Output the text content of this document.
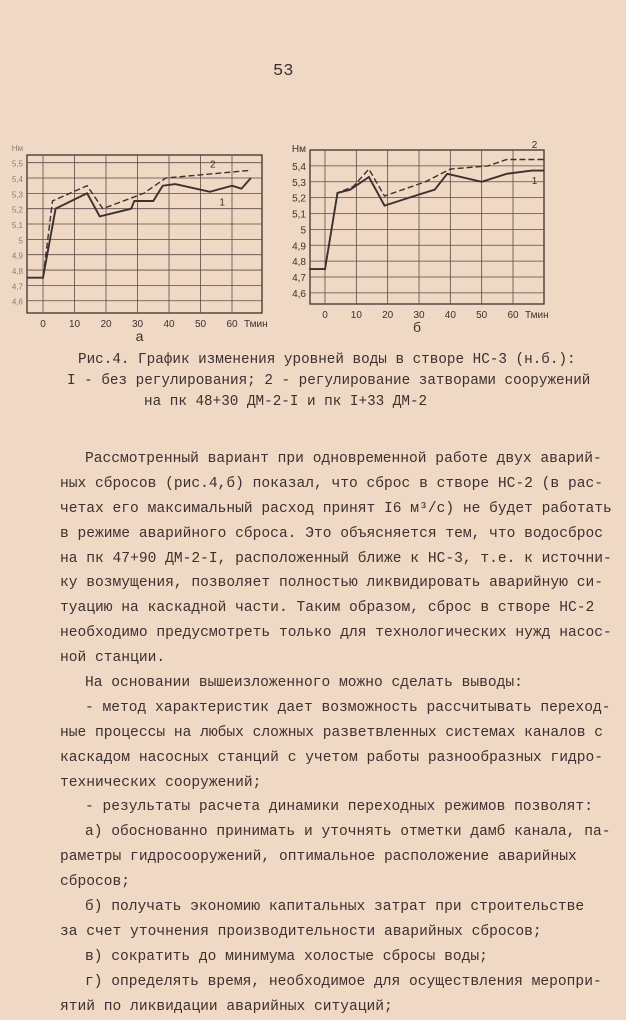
53
0 10 20 30 40 50 60 Тмин
5,5
5,4
5,3
5,2
5,1
5
4,9
4,8
4,7
4,6
Нм
а
1
2
0 10 20 30 40 50 60 Тмин
5,4
5,3
5,2
5,1
5
4,9
4,8
4,7
4,6
Нм
б
1
2
Рис.4. График изменения уровней воды в створе НС-3 (н.б.):
I - без регулирования; 2 - регулирование затворами сооружений
на пк 48+30 ДМ-2-I и пк I+33 ДМ-2
Рассмотренный вариант при одновременной работе двух аварий-
ных сбросов (рис.4,б) показал, что сброс в створе НС-2 (в рас-
четах его максимальный расход принят I6 м³/с) не будет работать
в режиме аварийного сброса. Это объясняется тем, что водосброс
на пк 47+90 ДМ-2-I, расположенный ближе к НС-3, т.е. к источни-
ку возмущения, позволяет полностью ликвидировать аварийную си-
туацию на каскадной части. Таким образом, сброс в створе НС-2
необходимо предусмотреть только для технологических нужд насос-
ной станции.
На основании вышеизложенного можно сделать выводы:
- метод характеристик дает возможность рассчитывать переход-
ные процессы на любых сложных разветвленных системах каналов с
каскадом насосных станций с учетом работы разнообразных гидро-
технических сооружений;
- результаты расчета динамики переходных режимов позволят:
а) обоснованно принимать и уточнять отметки дамб канала, па-
раметры гидросооружений, оптимальное расположение аварийных
сбросов;
б) получать экономию капитальных затрат при строительстве
за счет уточнения производительности аварийных сбросов;
в) сократить до минимума холостые сбросы воды;
г) определять время, необходимое для осуществления меропри-
ятий по ликвидации аварийных ситуаций;
